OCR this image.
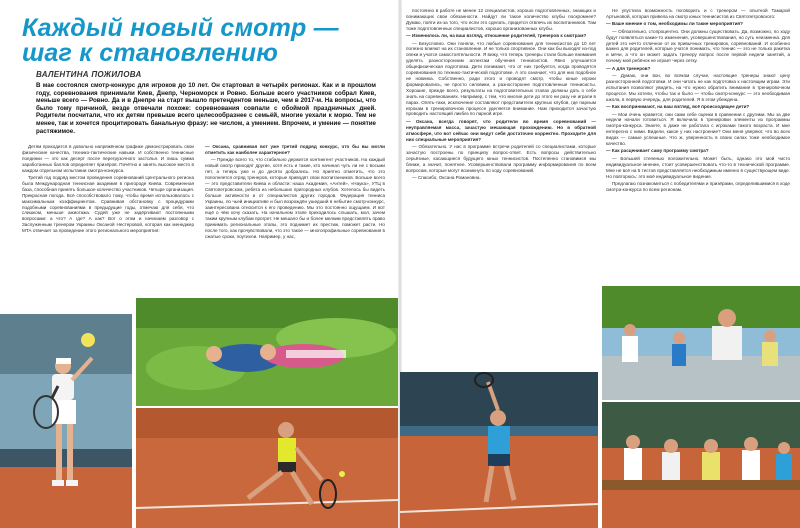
Каждый новый смотр —
шаг к становлению
ВАЛЕНТИНА ПОЖИЛОВА
В мае состоялся смотр-конкурс для игроков до 10 лет. Он стартовал в четырёх регионах. Как и в прошлом году, соревнования принимали Киев, Днепр, Черноморск и Ровно. Больше всего участников собрал Киев, меньше всего — Ровно. Да и в Днепре на старт вышло претендентов меньше, чем в 2017-м. На вопросы, что было тому причиной, везде отвечали похоже: соревнования совпали с обоймой праздничных дней. Родители посчитали, что их детям превыше всего целесообразнее с семьёй, многие уехали к морю. Тем не менее, так и хочется процитировать банальную фразу: не числом, а умением. Впрочем, и умение — понятие растяжимое.

Детям приходится в довольно напряжённом графике демонстрировать свои физические качества, технико-тактические навыки. И собственно теннисные поединки — это как десерт после перегрузочного застолья. И лишь сумма заработанных баллов определяет призёров. Почётно и занять высокое место в каждом отдельном испытании смотра-конкурса.

Третий год подряд местом проведения соревнований Центрального региона была Международная теннисная академия в пригороде Киева. Современная база, способная принять большое количество участников. Четыре организация. Прекрасная погода. Всё способствовало тому, чтобы время использовалось с максимальным коэффициентом. Сравнивая обстановку с процедурами подобными соревнованиями в предыдущие годы, отмечаю для себя, что слишком, меньше ажиотажа. Судей уже не задёргивают постоянными вопросами: а что? А где? А как? Вот о этом и начинаем разговор с Заслуженным тренером Украины Оксаной Нестеровой, которая как менеджер МТА отвечает за проведение этого регионального мероприятия:

— Оксана, сравнивая вот уже третий подряд конкурс, что бы вы могли отметить как наиболее характерное?

— Прежде всего то, что стабильно держится контингент участников. На каждый новый смотр приходят другие, хотя есть и такие, кто начинал чуть ли не с восьми лет, а теперь уже и до десяти добрались. Но приятно отметить, что это пополняется отряд тренеров, которые приводят свои воспитанников. Больше всего — это представители Киева и области: наша Академия, «Антей», «Наука», УТЦ в Святопетровском, ребята из небольших пригородных клубов. Хотелось бы видеть больше активности и от специалистов других городов. Федерация тенниса Украины, по чьей инициативе и был возрождён ушедший в небытие смотр-конкурс, заинтересована относится к его проведению. Мы это постоянно ощущаем. И вот ещё о чём хочу сказать. На начальном этапе приходилось слышать, мол, зачем таким крупным клубам прогрет. Не мешало бы и более мелким представлять право принимать региональные этапы, это поднимет их престиж, поможет расти. Но после того, как прочувствовали, что это такое — многопрофильные соревнования в сжатые сроки, поутихли. Например, у нас,

постоянно в работе не менее 12 специалистов, хорошо подготовленных, знающих и понимающих свои обязанности. Найдут ли такое количество клубы поскромнее? Думаю, пояти из-за того, что если это сделать, придется отвлечь их воспитанников. Там тоже подготовленных специалистов, хорошо организованных клубы.

— Изменилось ли, на ваш взгляд, отношение родителей, тренеров к смотрам?

— Безусловно. Они поняли, что любые соревнования для теннисистов до 10 лет полезно влияют на их становление. И не только спортивное. Они как бы выходят из-под опеки и учатся самостоятельности. Я вижу, что теперь тренеры стали больше внимания уделять разносторонним аспектам обучения теннисистов. Явно улучшается общефизическая подготовка. Дети понимают, что от них требуется, когда проводятся соревнования по технико-тактической подготовке. А это означает, что для них подобное не новинка. Собственно, ради этого и проводят смотр, чтобы юные игроки формировались, не просто силовики, а разносторонне подготовленные теннисисты. Хорошие, прежде всего, результаты на подготовительных этапах должны дать о себе знать на соревнованиях. Например, с тем, что многие дети до этого ни разу не играли в парах. Опять-таки, исключение составляют представители крупных клубов, где парным игрокам в тренировочном процессе уделяется внимание. Нам приходится зачастую проводить настоящий ликбез по парной игре.

— Оксана, всегда говорят, что родители во время соревнований — неуправляемая масса, зачастую мешающая прохождению. Но в обратной атмосфере, что вот сейчас они ведут себя достаточно корректно. Проходите для них специальные мероприятия?

— Обязательно. У нас в программе встречи родителей со специалистами, которые зачастую построены по принципу вопрос-ответ. Есть вопросы действительно серьёзные, касающиеся будущего юных теннисистов. Постепенно становимся мы ближе, а значит, понятнее. Усовершенствовали программу информирования по всем вопросам, которые могут возникнуть по ходу соревнований.

— Спасибо, Оксана Романовна.

Не упустила возможность поговорить и с тренером — опытной Тамарой Артыновой, которая привела на смотр юных теннисистов из Святопетровского:

— Ваше мнение о том, необходимы ли такие мероприятия?

— Обязательно, стопроцентно. Они должны существовать. Да, возможно, по ходу будут появляться какие-то изменения, усовершенствования, но суть неизменна. Для детей это нечто отличное от их привычных тренировок, соревнований. И особенно важно для родителей, которые учатся понимать, что теннис — это не только ракетка и мячи, а что он может задать тренеру вопрос после первой недели занятий, а почему мой ребёнок не играет через сетку.

— А для тренеров?

— Думаю, они вон, во всяком случае, настоящие тренеры знают цену разносторонней подготовки. И они читать не как подготовка к настоящим играм. Эти испытания позволяют увидеть, на что нужно обратить внимание в тренировочном процессе. Мы хотели, чтобы так и было — чтобы смотр-конкурс — это необходимая школа, в первую очередь, для родителей. Я в этом убеждена.

— Как воспринимают, на ваш взгляд, всё происходящее дети?

— Мои очень нравится, они сами себе оценки в сравнении с другими. Мы за две недели начали готовиться. Я включила в тренировки элементы из программы смотра-конкурса. Знаете, в даже не работала с игроками такого возраста. И мне интересно с ними. Видели, какое у них настроение? Они меня уверяют, что во всех видах — самые успешные. Что ж, уверенность в своих силах тоже необходимое качество.

— Как расценивает саму программу смотра?

— Большей степенью положительно. Может быть, однако это мой чисто индивидуальное мнение, стоит усовершенствовать что-то в технической программе. Мне не всё на 5 тестов представляется необходимым именно в существующем виде. Но повторюсь: это моё индивидуальное видение.

Предлагаю познакомиться с победителями и призёрами, определившимися в ходе смотра-конкурса по всем регионам.
